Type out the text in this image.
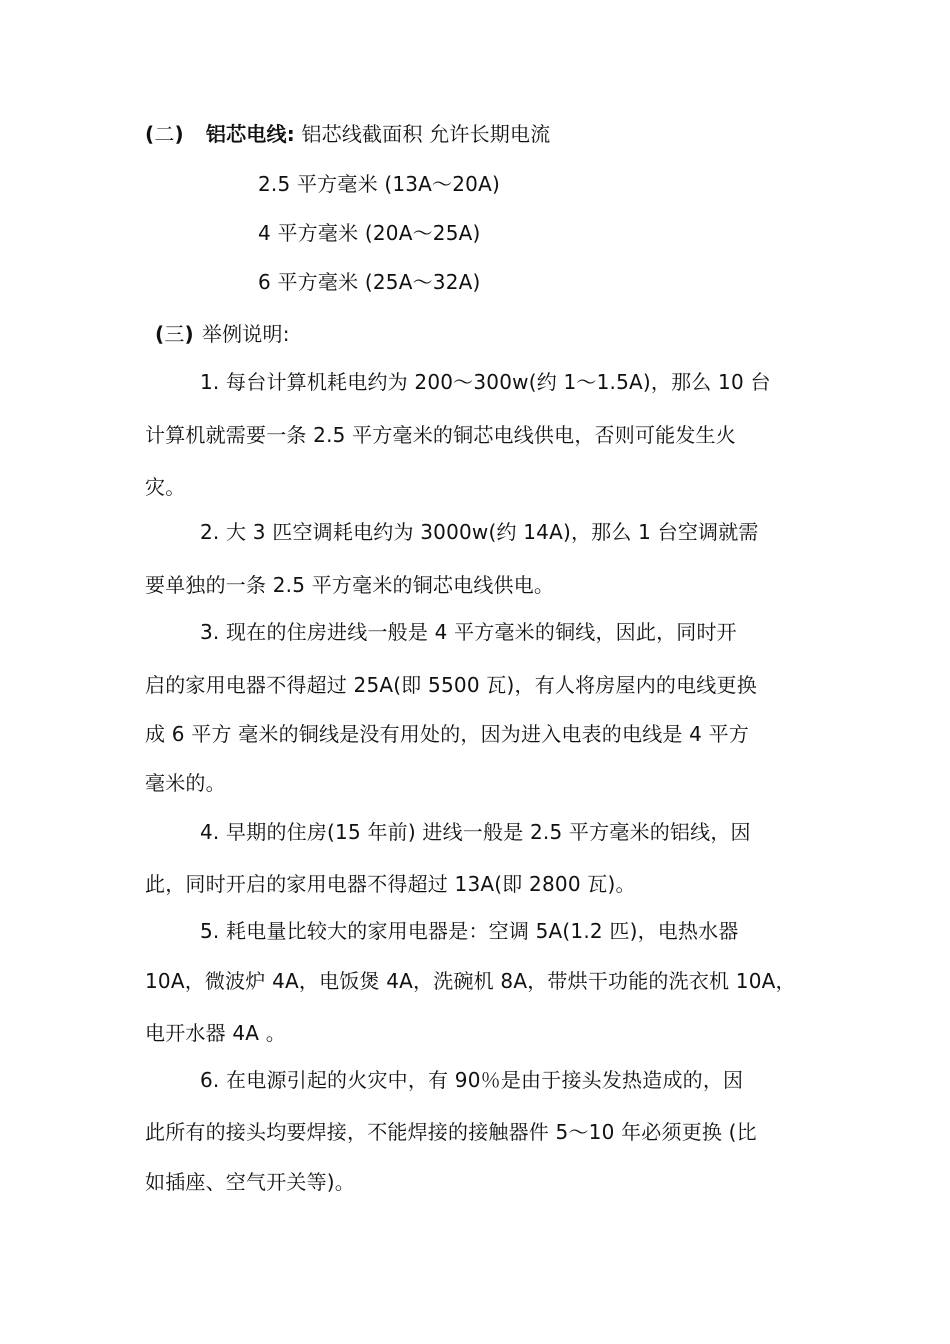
(二) 铝芯电线: 铝芯线截面积 允许长期电流

2.5 平方毫米 (13A～20A)

4 平方毫米 (20A～25A)

6 平方毫米 (25A～32A)

(三) 举例说明:

1. 每台计算机耗电约为 200～300w(约 1～1.5A)，那么 10 台

计算机就需要一条 2.5 平方毫米的铜芯电线供电，否则可能发生火

灾。

2. 大 3 匹空调耗电约为 3000w(约 14A)，那么 1 台空调就需

要单独的一条 2.5 平方毫米的铜芯电线供电。

3. 现在的住房进线一般是 4 平方毫米的铜线，因此，同时开

启的家用电器不得超过 25A(即 5500 瓦)，有人将房屋内的电线更换

成 6 平方 毫米的铜线是没有用处的，因为进入电表的电线是 4 平方

毫米的。

4. 早期的住房(15 年前) 进线一般是 2.5 平方毫米的铝线，因

此，同时开启的家用电器不得超过 13A(即 2800 瓦)。

5. 耗电量比较大的家用电器是：空调 5A(1.2 匹)，电热水器

10A，微波炉 4A，电饭煲 4A，洗碗机 8A，带烘干功能的洗衣机 10A，

电开水器 4A 。

6. 在电源引起的火灾中，有 90％是由于接头发热造成的，因

此所有的接头均要焊接，不能焊接的接触器件 5～10 年必须更换 (比

如插座、空气开关等)。
